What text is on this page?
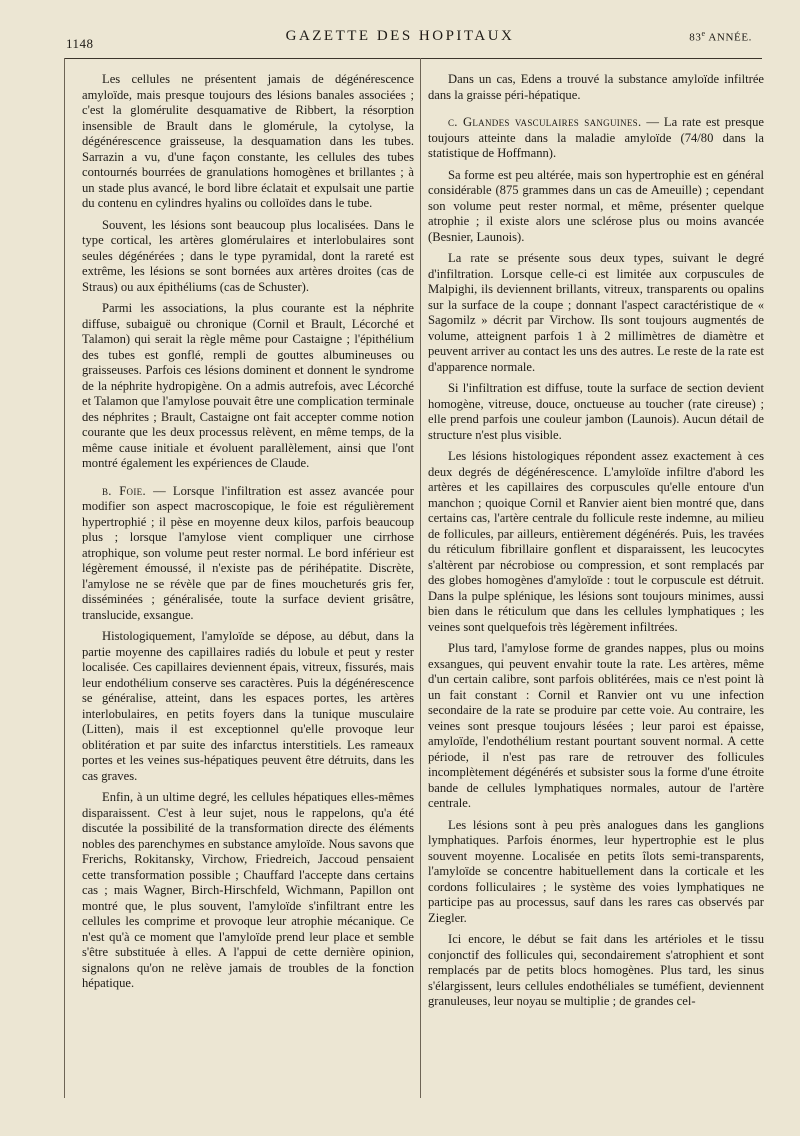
1148	GAZETTE DES HOPITAUX	83e ANNÉE.

Les cellules ne présentent jamais de dégénérescence amyloïde, mais presque toujours des lésions banales associées ; c'est la glomérulite desquamative de Ribbert, la résorption insensible de Brault dans le glomérule, la cytolyse, la dégénérescence graisseuse, la desquamation dans les tubes. Sarrazin a vu, d'une façon constante, les cellules des tubes contournés bourrées de granulations homogènes et brillantes ; à un stade plus avancé, le bord libre éclatait et expulsait une partie du contenu en cylindres hyalins ou colloïdes dans le tube.

Souvent, les lésions sont beaucoup plus localisées. Dans le type cortical, les artères glomérulaires et interlobulaires sont seules dégénérées ; dans le type pyramidal, dont la rareté est extrême, les lésions se sont bornées aux artères droites (cas de Straus) ou aux épithéliums (cas de Schuster).

Parmi les associations, la plus courante est la néphrite diffuse, subaiguë ou chronique (Cornil et Brault, Lécorché et Talamon) qui serait la règle même pour Castaigne ; l'épithélium des tubes est gonflé, rempli de gouttes albumineuses ou graisseuses. Parfois ces lésions dominent et donnent le syndrome de la néphrite hydropigène. On a admis autrefois, avec Lécorché et Talamon que l'amylose pouvait être une complication terminale des néphrites ; Brault, Castaigne ont fait accepter comme notion courante que les deux processus relèvent, en même temps, de la même cause initiale et évoluent parallèlement, ainsi que l'ont montré également les expériences de Claude.

b. Foie. — Lorsque l'infiltration est assez avancée pour modifier son aspect macroscopique, le foie est régulièrement hypertrophié ; il pèse en moyenne deux kilos, parfois beaucoup plus ; lorsque l'amylose vient compliquer une cirrhose atrophique, son volume peut rester normal. Le bord inférieur est légèrement émoussé, il n'existe pas de périhépatite. Discrète, l'amylose ne se révèle que par de fines moucheturés gris fer, disséminées ; généralisée, toute la surface devient grisâtre, translucide, exsangue.

Histologiquement, l'amyloïde se dépose, au début, dans la partie moyenne des capillaires radiés du lobule et peut y rester localisée. Ces capillaires deviennent épais, vitreux, fissurés, mais leur endothélium conserve ses caractères. Puis la dégénérescence se généralise, atteint, dans les espaces portes, les artères interlobulaires, en petits foyers dans la tunique musculaire (Litten), mais il est exceptionnel qu'elle provoque leur oblitération et par suite des infarctus interstitiels. Les rameaux portes et les veines sus-hépatiques peuvent être détruits, dans les cas graves.

Enfin, à un ultime degré, les cellules hépatiques elles-mêmes disparaissent. C'est à leur sujet, nous le rappelons, qu'a été discutée la possibilité de la transformation directe des éléments nobles des parenchymes en substance amyloïde. Nous savons que Frerichs, Rokitansky, Virchow, Friedreich, Jaccoud pensaient cette transformation possible ; Chauffard l'accepte dans certains cas ; mais Wagner, Birch-Hirschfeld, Wichmann, Papillon ont montré que, le plus souvent, l'amyloïde s'infiltrant entre les cellules les comprime et provoque leur atrophie mécanique. Ce n'est qu'à ce moment que l'amyloïde prend leur place et semble s'être substituée à elles. A l'appui de cette dernière opinion, signalons qu'on ne relève jamais de troubles de la fonction hépatique.

Dans un cas, Edens a trouvé la substance amyloïde infiltrée dans la graisse péri-hépatique.

c. Glandes vasculaires sanguines. — La rate est presque toujours atteinte dans la maladie amyloïde (74/80 dans la statistique de Hoffmann).

Sa forme est peu altérée, mais son hypertrophie est en général considérable (875 grammes dans un cas de Ameuille) ; cependant son volume peut rester normal, et même, présenter quelque atrophie ; il existe alors une sclérose plus ou moins avancée (Besnier, Launois).

La rate se présente sous deux types, suivant le degré d'infiltration. Lorsque celle-ci est limitée aux corpuscules de Malpighi, ils deviennent brillants, vitreux, transparents ou opalins sur la surface de la coupe ; donnant l'aspect caractéristique de « Sagomilz » décrit par Virchow. Ils sont toujours augmentés de volume, atteignent parfois 1 à 2 millimètres de diamètre et peuvent arriver au contact les uns des autres. Le reste de la rate est d'apparence normale.

Si l'infiltration est diffuse, toute la surface de section devient homogène, vitreuse, douce, onctueuse au toucher (rate cireuse) ; elle prend parfois une couleur jambon (Launois). Aucun détail de structure n'est plus visible.

Les lésions histologiques répondent assez exactement à ces deux degrés de dégénérescence. L'amyloïde infiltre d'abord les artères et les capillaires des corpuscules qu'elle entoure d'un manchon ; quoique Cornil et Ranvier aient bien montré que, dans certains cas, l'artère centrale du follicule reste indemne, au milieu de follicules, par ailleurs, entièrement dégénérés. Puis, les travées du réticulum fibrillaire gonflent et disparaissent, les leucocytes s'altèrent par nécrobiose ou compression, et sont remplacés par des globes homogènes d'amyloïde : tout le corpuscule est détruit. Dans la pulpe splénique, les lésions sont toujours minimes, aussi bien dans le réticulum que dans les cellules lymphatiques ; les veines sont quelquefois très légèrement infiltrées.

Plus tard, l'amylose forme de grandes nappes, plus ou moins exsangues, qui peuvent envahir toute la rate. Les artères, même d'un certain calibre, sont parfois oblitérées, mais ce n'est point là un fait constant : Cornil et Ranvier ont vu une infection secondaire de la rate se produire par cette voie. Au contraire, les veines sont presque toujours lésées ; leur paroi est épaisse, amyloïde, l'endothélium restant pourtant souvent normal. A cette période, il n'est pas rare de retrouver des follicules incomplètement dégénérés et subsister sous la forme d'une étroite bande de cellules lymphatiques normales, autour de l'artère centrale.

Les lésions sont à peu près analogues dans les ganglions lymphatiques. Parfois énormes, leur hypertrophie est le plus souvent moyenne. Localisée en petits îlots semi-transparents, l'amyloïde se concentre habituellement dans la corticale et les cordons folliculaires ; le système des voies lymphatiques ne participe pas au processus, sauf dans les rares cas observés par Ziegler.

Ici encore, le début se fait dans les artérioles et le tissu conjonctif des follicules qui, secondairement s'atrophient et sont remplacés par de petits blocs homogènes. Plus tard, les sinus s'élargissent, leurs cellules endothéliales se tuméfient, deviennent granuleuses, leur noyau se multiplie ; de grandes cel-
